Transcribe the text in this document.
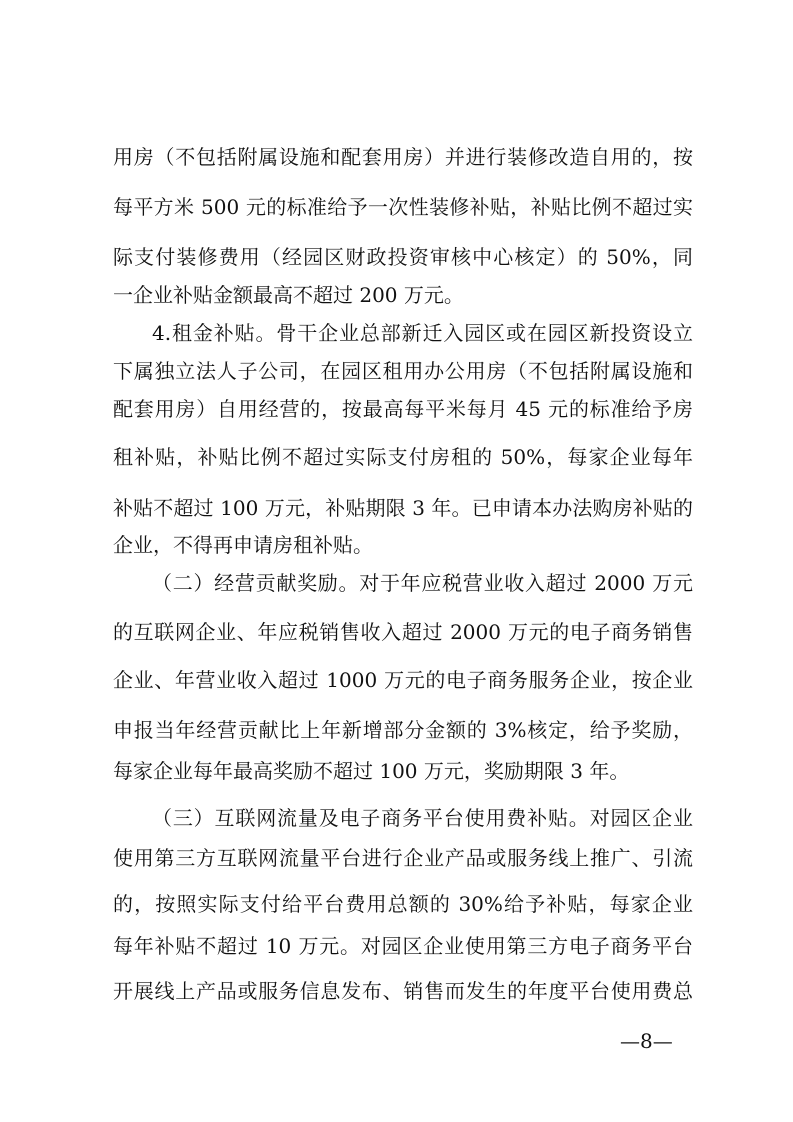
用房（不包括附属设施和配套用房）并进行装修改造自用的，按
每平方米 500 元的标准给予一次性装修补贴，补贴比例不超过实
际支付装修费用（经园区财政投资审核中心核定）的 50%，同
一企业补贴金额最高不超过 200 万元。
4.租金补贴。骨干企业总部新迁入园区或在园区新投资设立
下属独立法人子公司，在园区租用办公用房（不包括附属设施和
配套用房）自用经营的，按最高每平米每月 45 元的标准给予房
租补贴，补贴比例不超过实际支付房租的 50%，每家企业每年
补贴不超过 100 万元，补贴期限 3 年。已申请本办法购房补贴的
企业，不得再申请房租补贴。
（二）经营贡献奖励。对于年应税营业收入超过 2000 万元
的互联网企业、年应税销售收入超过 2000 万元的电子商务销售
企业、年营业收入超过 1000 万元的电子商务服务企业，按企业
申报当年经营贡献比上年新增部分金额的 3%核定，给予奖励，
每家企业每年最高奖励不超过 100 万元，奖励期限 3 年。
（三）互联网流量及电子商务平台使用费补贴。对园区企业
使用第三方互联网流量平台进行企业产品或服务线上推广、引流
的，按照实际支付给平台费用总额的 30%给予补贴，每家企业
每年补贴不超过 10 万元。对园区企业使用第三方电子商务平台
开展线上产品或服务信息发布、销售而发生的年度平台使用费总
—8—
